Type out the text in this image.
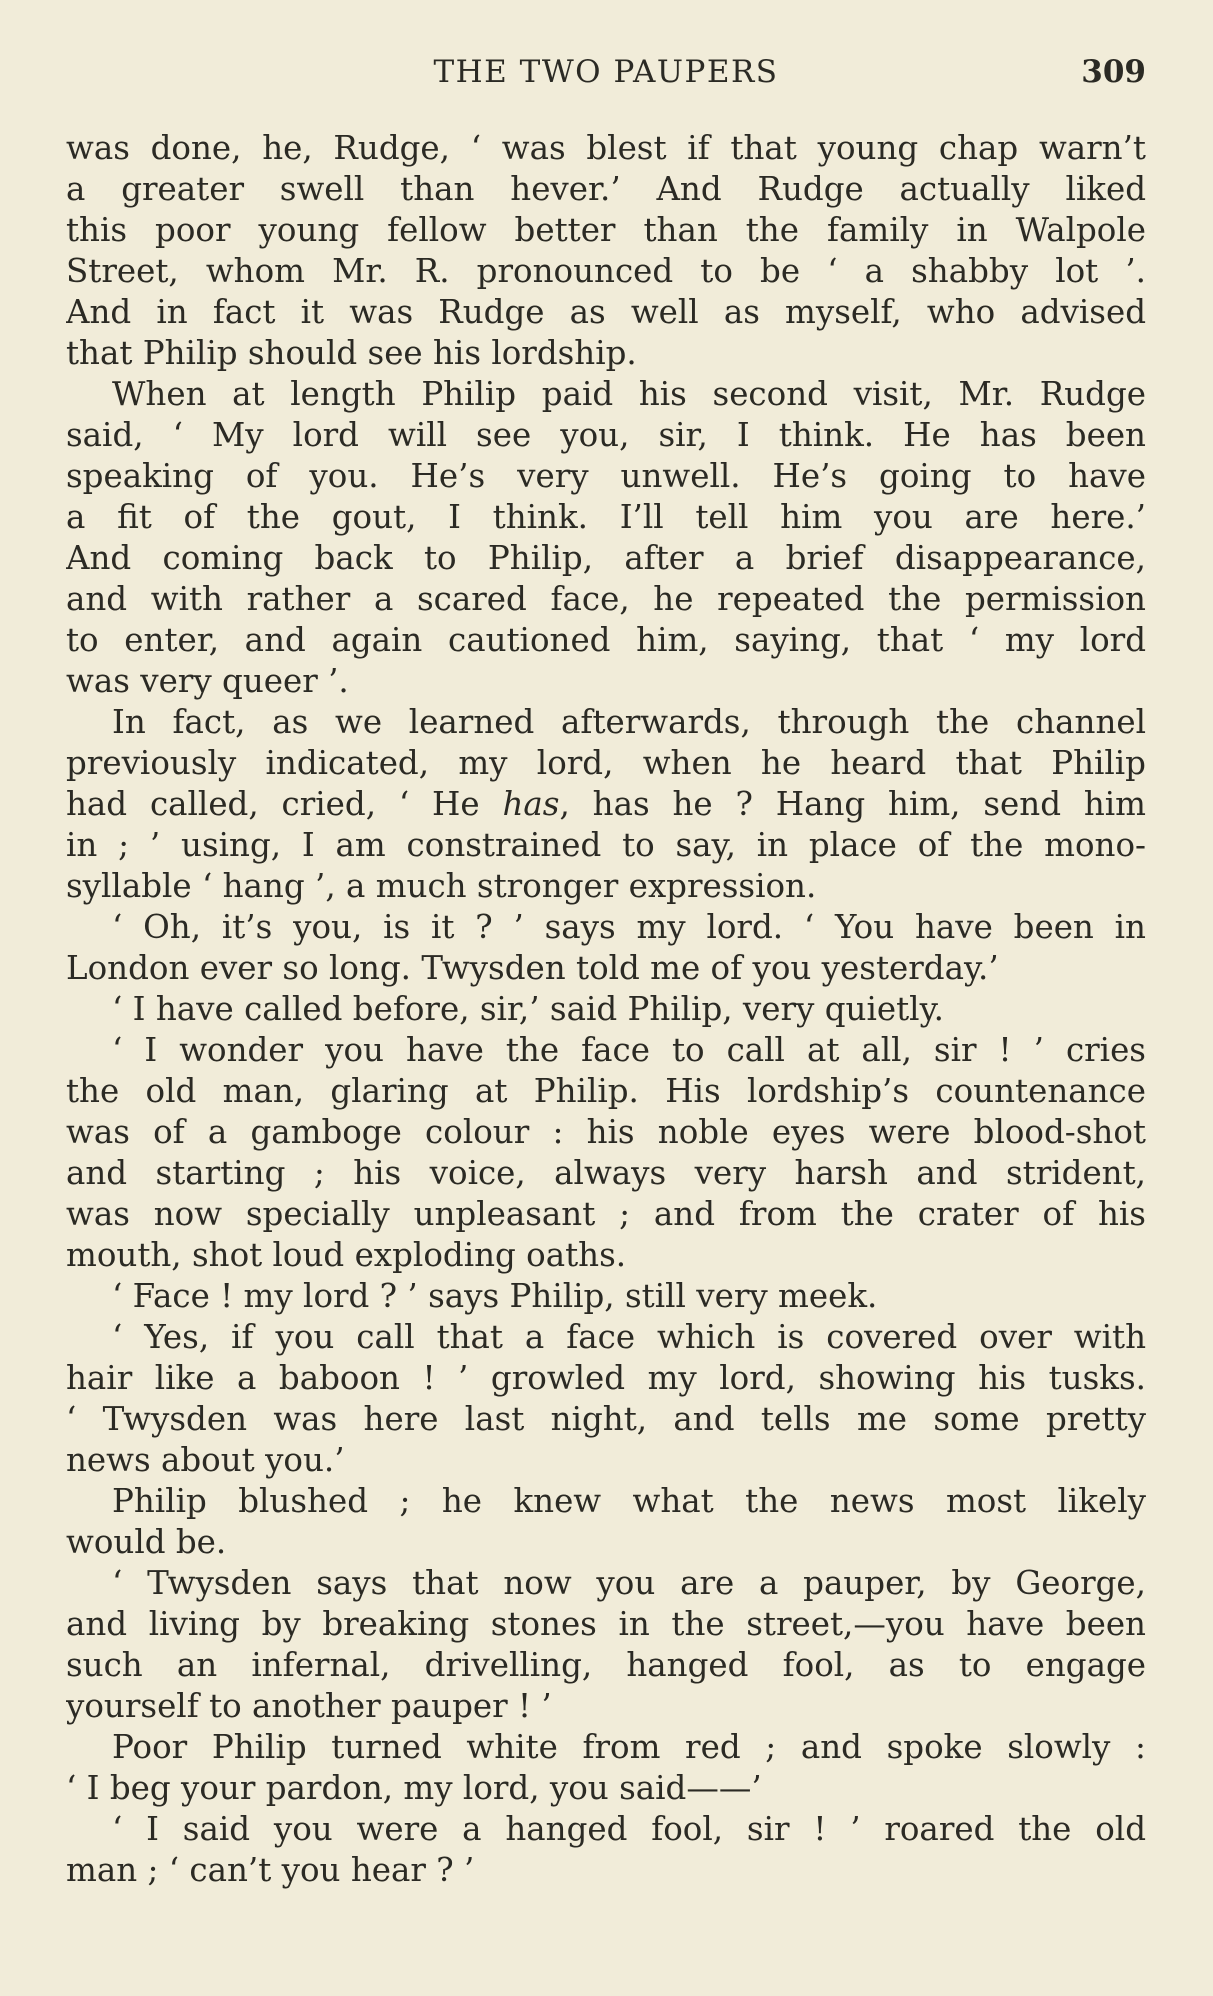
THE TWO PAUPERS	309
was done, he, Rudge, ‘ was blest if that young chap warn’t
a greater swell than hever.’ And Rudge actually liked
this poor young fellow better than the family in Walpole
Street, whom Mr. R. pronounced to be ‘ a shabby lot ’.
And in fact it was Rudge as well as myself, who advised
that Philip should see his lordship.
When at length Philip paid his second visit, Mr. Rudge
said, ‘ My lord will see you, sir, I think. He has been
speaking of you. He’s very unwell. He’s going to have
a fit of the gout, I think. I’ll tell him you are here.’
And coming back to Philip, after a brief disappearance,
and with rather a scared face, he repeated the permission
to enter, and again cautioned him, saying, that ‘ my lord
was very queer ’.
In fact, as we learned afterwards, through the channel
previously indicated, my lord, when he heard that Philip
had called, cried, ‘ He has, has he ? Hang him, send him
in ; ’ using, I am constrained to say, in place of the mono-
syllable ‘ hang ’, a much stronger expression.
‘ Oh, it’s you, is it ? ’ says my lord. ‘ You have been in
London ever so long. Twysden told me of you yesterday.’
‘ I have called before, sir,’ said Philip, very quietly.
‘ I wonder you have the face to call at all, sir ! ’ cries
the old man, glaring at Philip. His lordship’s countenance
was of a gamboge colour : his noble eyes were blood-shot
and starting ; his voice, always very harsh and strident,
was now specially unpleasant ; and from the crater of his
mouth, shot loud exploding oaths.
‘ Face ! my lord ? ’ says Philip, still very meek.
‘ Yes, if you call that a face which is covered over with
hair like a baboon ! ’ growled my lord, showing his tusks.
‘ Twysden was here last night, and tells me some pretty
news about you.’
Philip blushed ; he knew what the news most likely
would be.
‘ Twysden says that now you are a pauper, by George,
and living by breaking stones in the street,—you have been
such an infernal, drivelling, hanged fool, as to engage
yourself to another pauper ! ’
Poor Philip turned white from red ; and spoke slowly :
‘ I beg your pardon, my lord, you said——’
‘ I said you were a hanged fool, sir ! ’ roared the old
man ; ‘ can’t you hear ? ’
